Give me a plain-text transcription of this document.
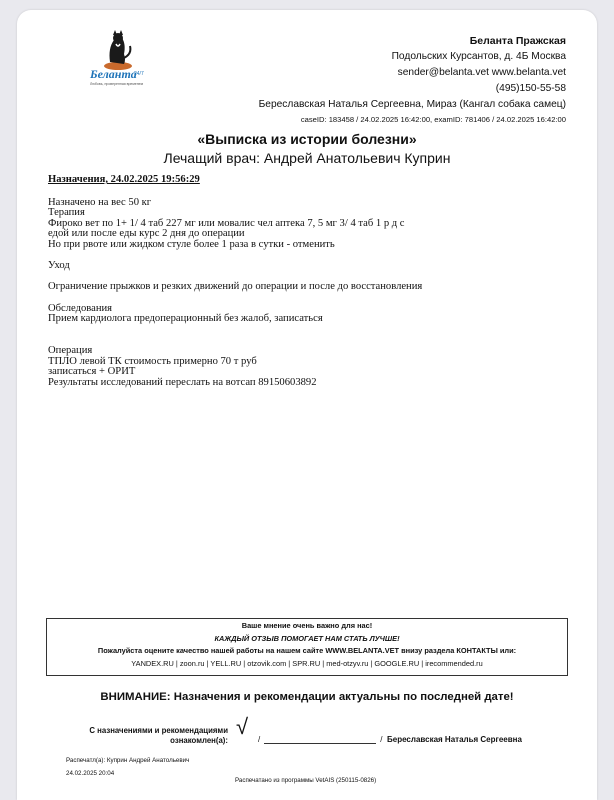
Беланта
24/7
Любовь, проверенная временем
Беланта Пражская
Подольских Курсантов, д. 4Б Москва
sender@belanta.vet www.belanta.vet
(495)150-55-58
Береславская Наталья Сергеевна, Мираз (Кангал собака самец)
caseID: 183458 / 24.02.2025 16:42:00, examID: 781406 / 24.02.2025 16:42:00
«Выписка из истории болезни»
Лечащий врач: Андрей Анатольевич Куприн
Назначения, 24.02.2025 19:56:29

Назначено на вес 50 кг

Терапия

Фироко вет по 1+ 1/ 4 таб 227 мг или мовалис чел аптека 7, 5 мг 3/ 4 таб 1 р д с

едой или после еды курс 2 дня до операции

Но при рвоте или жидком стуле более 1 раза в сутки - отменить

Уход

Ограничение прыжков и резких движений до операции и после до восстановления

Обследования

Прием кардиолога предоперационный без жалоб, записаться

Операция

ТПЛО левой ТК стоимость примерно 70 т руб

записаться + ОРИТ

Результаты исследований переслать на вотсап 89150603892

Ваше мнение очень важно для нас!
КАЖДЫЙ ОТЗЫВ ПОМОГАЕТ НАМ СТАТЬ ЛУЧШЕ!
Пожалуйста оцените качество нашей работы на нашем сайте WWW.BELANTA.VET внизу раздела КОНТАКТЫ или:
YANDEX.RU | zoon.ru | YELL.RU | otzovik.com | SPR.RU | med-otzyv.ru | GOOGLE.RU | irecommended.ru
ВНИМАНИЕ: Назначения и рекомендации актуальны по последней дате!
С назначениями и рекомендациями
ознакомлен(а):
√
/	/ Береславская Наталья Сергеевна
Распечатл(а): Куприн Андрей Анатольевич
24.02.2025 20:04
Распечатано из программы VetAIS (250115-0826)
